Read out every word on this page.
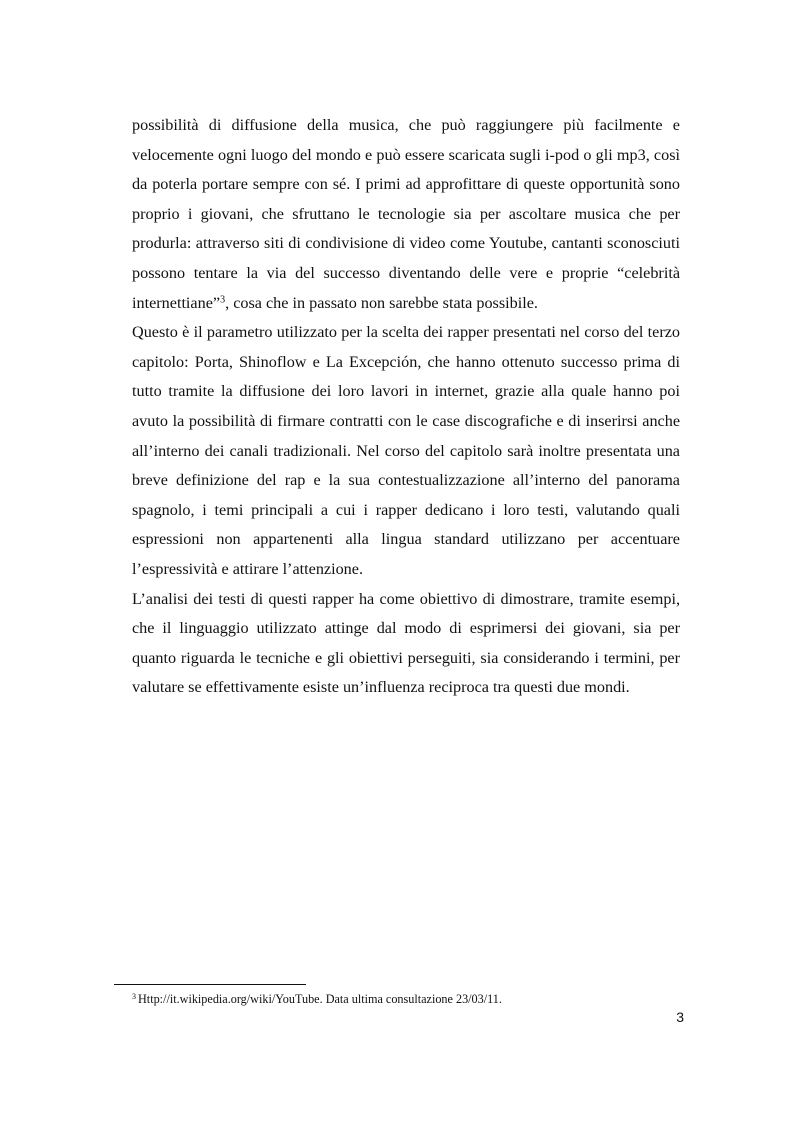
possibilità di diffusione della musica, che può raggiungere più facilmente e velocemente ogni luogo del mondo e può essere scaricata sugli i-pod o gli mp3, così da poterla portare sempre con sé. I primi ad approfittare di queste opportunità sono proprio i giovani, che sfruttano le tecnologie sia per ascoltare musica che per produrla: attraverso siti di condivisione di video come Youtube, cantanti sconosciuti possono tentare la via del successo diventando delle vere e proprie “celebrità internettiane”$^3$, cosa che in passato non sarebbe stata possibile.

Questo è il parametro utilizzato per la scelta dei rapper presentati nel corso del terzo capitolo: Porta, Shinoflow e La Excepción, che hanno ottenuto successo prima di tutto tramite la diffusione dei loro lavori in internet, grazie alla quale hanno poi avuto la possibilità di firmare contratti con le case discografiche e di inserirsi anche all’interno dei canali tradizionali. Nel corso del capitolo sarà inoltre presentata una breve definizione del rap e la sua contestualizzazione all’interno del panorama spagnolo, i temi principali a cui i rapper dedicano i loro testi, valutando quali espressioni non appartenenti alla lingua standard utilizzano per accentuare l’espressività e attirare l’attenzione.

L’analisi dei testi di questi rapper ha come obiettivo di dimostrare, tramite esempi, che il linguaggio utilizzato attinge dal modo di esprimersi dei giovani, sia per quanto riguarda le tecniche e gli obiettivi perseguiti, sia considerando i termini, per valutare se effettivamente esiste un’influenza reciproca tra questi due mondi.

$^3$ Http://it.wikipedia.org/wiki/YouTube. Data ultima consultazione 23/03/11.

3
